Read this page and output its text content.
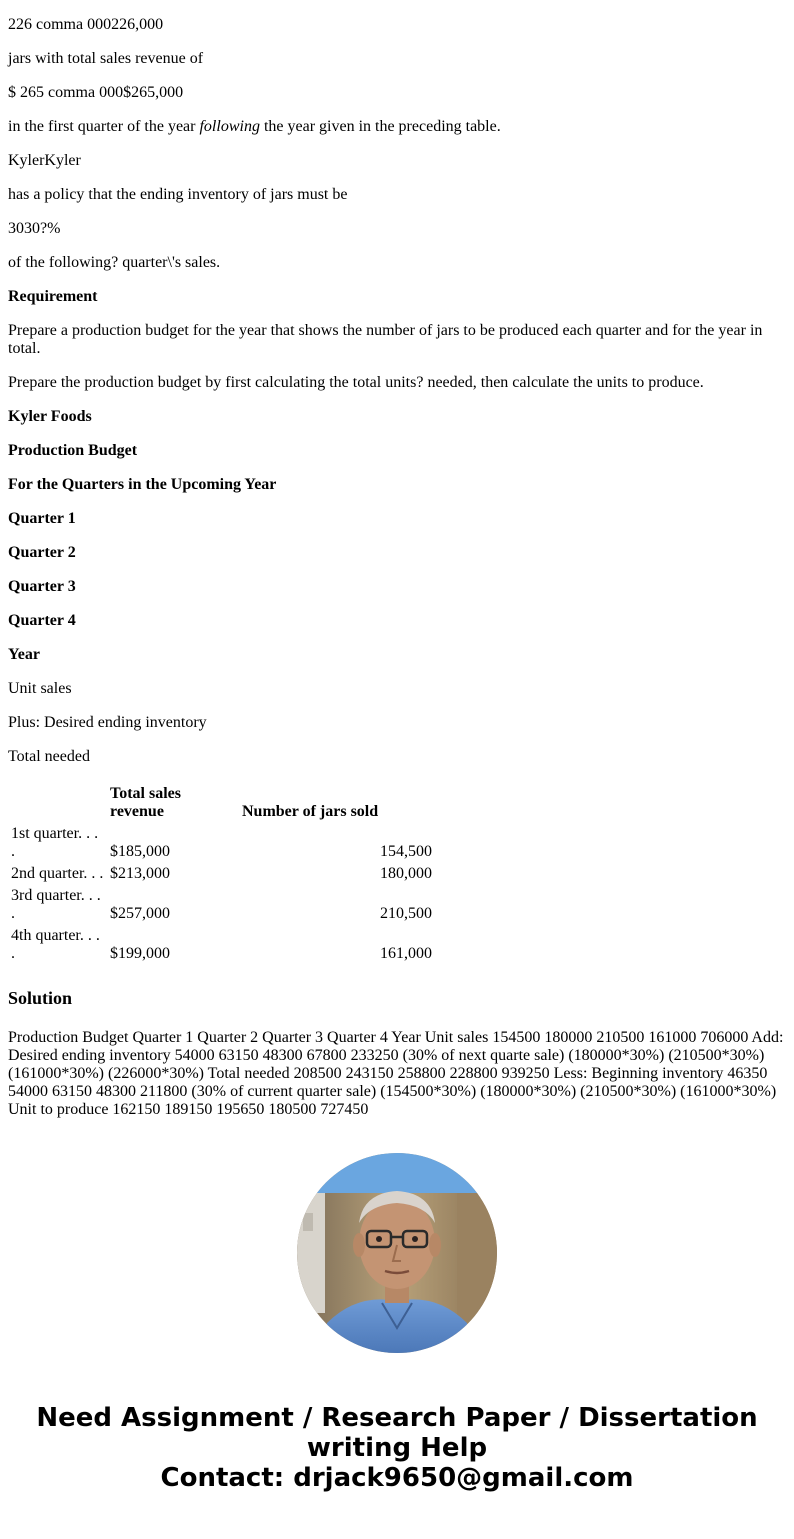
226 comma 000226,000

jars with total sales revenue of

$ 265 comma 000$265,000

in the first quarter of the year following the year given in the preceding table.

KylerKyler

has a policy that the ending inventory of jars must be

3030?%

of the following? quarter\'s sales.

Requirement

Prepare a production budget for the year that shows the number of jars to be produced each quarter and for the year in total.

Prepare the production budget by first calculating the total units? needed, then calculate the units to produce.

Kyler Foods

Production Budget

For the Quarters in the Upcoming Year

Quarter 1

Quarter 2

Quarter 3

Quarter 4

Year

Unit sales

Plus: Desired ending inventory

Total needed

	Total sales revenue	Number of jars sold
1st quarter. . . .	$185,000	154,500
2nd quarter. . .	$213,000	180,000
3rd quarter. . . .	$257,000	210,500
4th quarter. . . .	$199,000	161,000
Solution

Production Budget Quarter 1 Quarter 2 Quarter 3 Quarter 4 Year Unit sales 154500 180000 210500 161000 706000 Add: Desired ending inventory 54000 63150 48300 67800 233250 (30% of next quarte sale) (180000*30%) (210500*30%) (161000*30%) (226000*30%) Total needed 208500 243150 258800 228800 939250 Less: Beginning inventory 46350 54000 63150 48300 211800 (30% of current quarter sale) (154500*30%) (180000*30%) (210500*30%) (161000*30%) Unit to produce 162150 189150 195650 180500 727450

Need Assignment / Research Paper / Dissertation
writing Help
Contact: drjack9650@gmail.com
